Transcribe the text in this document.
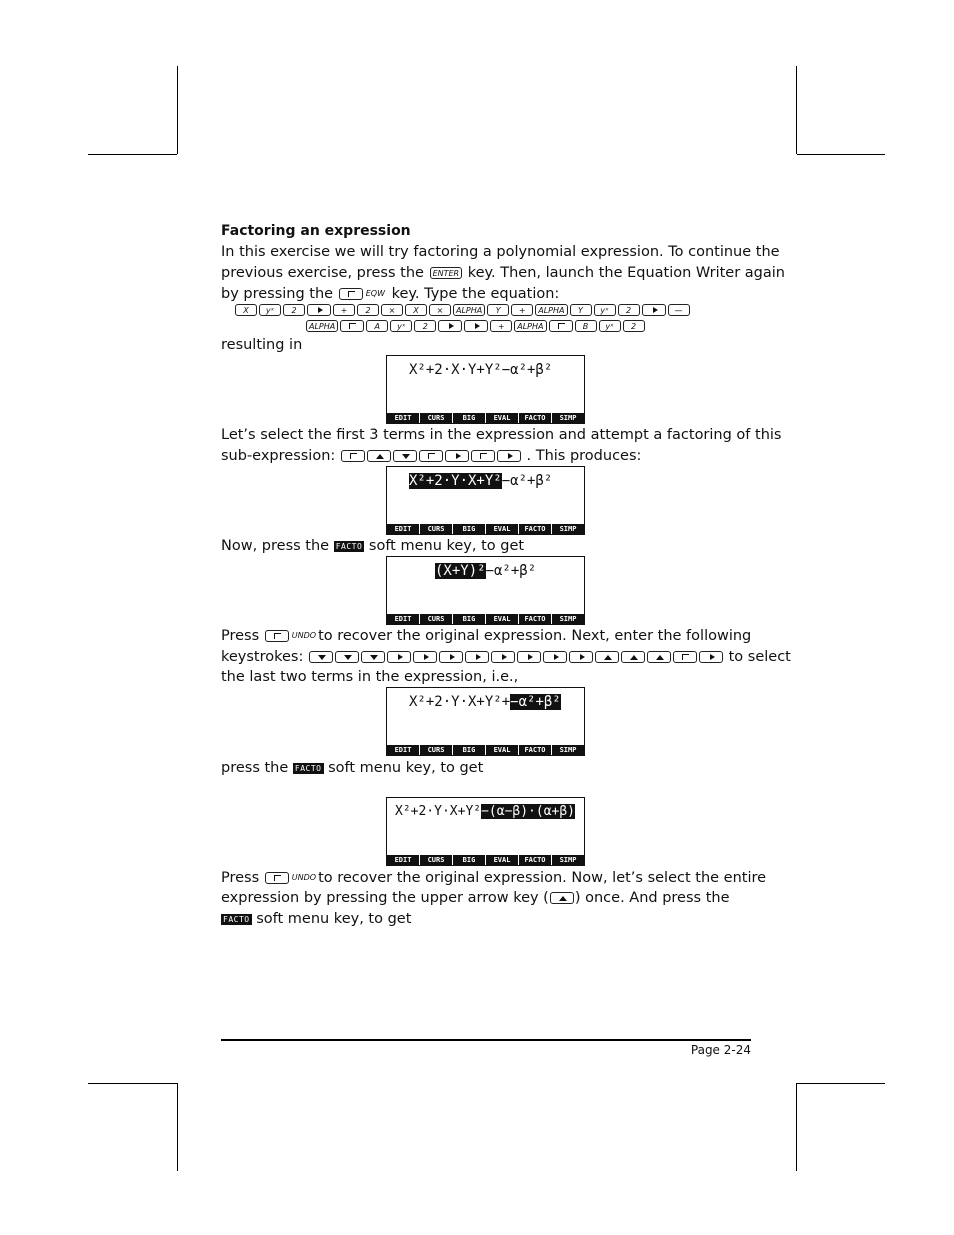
Factoring an expression
In this exercise we will try factoring a polynomial expression. To continue the
previous exercise, press the ENTER key. Then, launch the Equation Writer again
by pressing the	EQW key. Type the equation:
X yˣ 2	+ 2 × X × ALPHA Y + ALPHA Y yˣ 2	—
ALPHA	A yˣ 2	+ ALPHA	B yˣ 2
resulting in
X²+2·X·Y+Y²−α²+β²
EDIT	CURS	BIG	EVAL	FACTO	SIMP
Let’s select the first 3 terms in the expression and attempt a factoring of this
sub-expression:	. This produces:
X²+2·Y·X+Y²−α²+β²
EDIT	CURS	BIG	EVAL	FACTO	SIMP
Now, press the FACTO soft menu key, to get
(X+Y)²−α²+β²
EDIT	CURS	BIG	EVAL	FACTO	SIMP
Press	UNDO to recover the original expression. Next, enter the following
keystrokes:	to select
the last two terms in the expression, i.e.,
X²+2·Y·X+Y²+−α²+β²
EDIT	CURS	BIG	EVAL	FACTO	SIMP
press the FACTO soft menu key, to get
X²+2·Y·X+Y²−(α−β)·(α+β)
EDIT	CURS	BIG	EVAL	FACTO	SIMP
Press	UNDO to recover the original expression. Now, let’s select the entire
expression by pressing the upper arrow key ( ) once. And press the
FACTO soft menu key, to get
Page 2-24
